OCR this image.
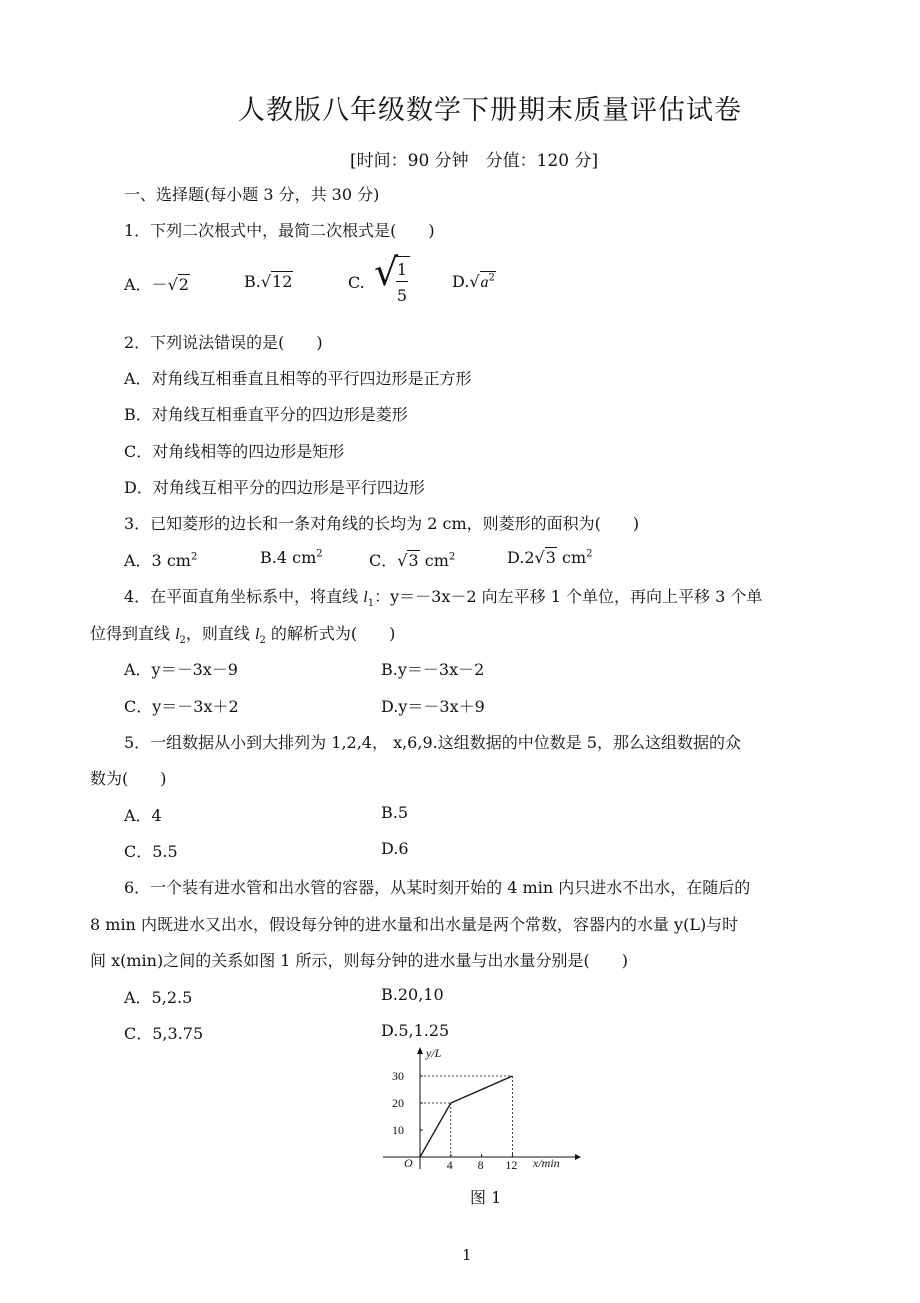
人教版八年级数学下册期末质量评估试卷
[时间：90 分钟　分值：120 分]
一、选择题(每小题 3 分，共 30 分)
1．下列二次根式中，最简二次根式是(　　)
A．－√2	B.√12	C. √
1
5
$D.√a^2$
2．下列说法错误的是(　　)
A．对角线互相垂直且相等的平行四边形是正方形
B．对角线互相垂直平分的四边形是菱形
C．对角线相等的四边形是矩形
D．对角线互相平分的四边形是平行四边形
3．已知菱形的边长和一条对角线的长均为 2 cm，则菱形的面积为(　　)
A．3 $cm^2$	B.4 $cm^2$	C．√3 $cm^2$	D.2√3 $cm^2$
4．在平面直角坐标系中，将直线 $l_1$：y＝－3x－2 向左平移 1 个单位，再向上平移 3 个单
位得到直线 $l_2$，则直线 $l_2$ 的解析式为(　　)
A．y＝－3x－9	B.y＝－3x－2
C．y＝－3x＋2	D.y＝－3x＋9
5．一组数据从小到大排列为 1,2,4， x,6,9.这组数据的中位数是 5，那么这组数据的众
数为(　　)
A．4	B.5
C．5.5	D.6
6．一个装有进水管和出水管的容器，从某时刻开始的 4 min 内只进水不出水，在随后的
8 min 内既进水又出水，假设每分钟的进水量和出水量是两个常数，容器内的水量 y(L)与时
间 x(min)之间的关系如图 1 所示，则每分钟的进水量与出水量分别是(　　)
A．5,2.5	B.20,10
C．5,3.75	D.5,1.25
y/L
x/min
O
10
20
30
4 8 12
图 1
1
